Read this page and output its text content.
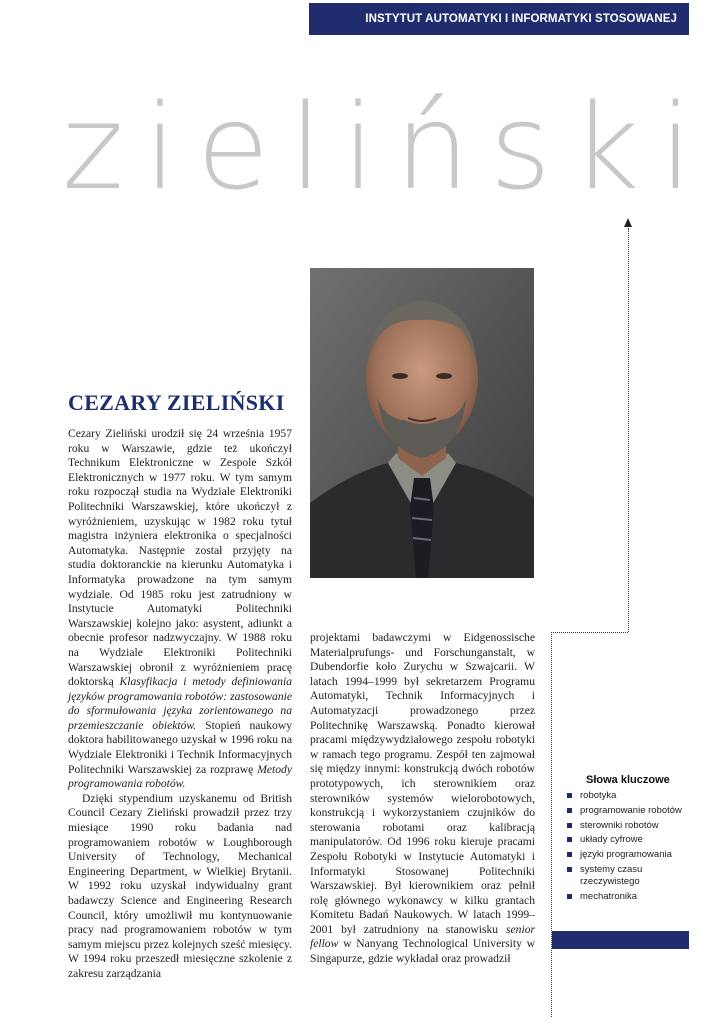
INSTYTUT AUTOMATYKI I INFORMATYKI STOSOWANEJ
zieliński
CEZARY ZIELIŃSKI

Cezary Zieliński urodził się 24 września 1957 roku w Warszawie, gdzie też ukończył Technikum Elektroniczne w Zespole Szkół Elektronicznych w 1977 roku. W tym samym roku rozpoczął studia na Wydziale Elektroniki Politechniki Warszawskiej, które ukończył z wyróżnieniem, uzyskując w 1982 roku tytuł magistra inżyniera elektronika o specjalności Automatyka. Następnie został przyjęty na studia doktoranckie na kierunku Automatyka i Informatyka prowadzone na tym samym wydziale. Od 1985 roku jest zatrudniony w Instytucie Automatyki Politechniki Warszawskiej kolejno jako: asystent, adiunkt a obecnie profesor nadzwyczajny. W 1988 roku na Wydziale Elektroniki Politechniki Warszawskiej obronił z wyróżnieniem pracę doktorską Klasyfikacja i metody definiowania języków programowania robotów: zastosowanie do sformułowania języka zorientowanego na przemieszczanie obiektów. Stopień naukowy doktora habilitowanego uzyskał w 1996 roku na Wydziale Elektroniki i Technik Informacyjnych Politechniki Warszawskiej za rozprawę Metody programowania robotów.

Dzięki stypendium uzyskanemu od British Council Cezary Zieliński prowadził przez trzy miesiące 1990 roku badania nad programowaniem robotów w Loughborough University of Technology, Mechanical Engineering Department, w Wielkiej Brytanii. W 1992 roku uzyskał indywidualny grant badawczy Science and Engineering Research Council, który umożliwił mu kontynuowanie pracy nad programowaniem robotów w tym samym miejscu przez kolejnych sześć miesięcy. W 1994 roku przeszedł miesięczne szkolenie z zakresu zarządzania

projektami badawczymi w Eidgenossische Materialprufungs- und Forschunganstalt, w Dubendorfie koło Zurychu w Szwajcarii. W latach 1994–1999 był sekretarzem Programu Automatyki, Technik Informacyjnych i Automatyzacji prowadzonego przez Politechnikę Warszawską. Ponadto kierował pracami międzywydziałowego zespołu robotyki w ramach tego programu. Zespół ten zajmował się między innymi: konstrukcją dwóch robotów prototypowych, ich sterownikiem oraz sterowników systemów wielorobotowych, konstrukcją i wykorzystaniem czujników do sterowania robotami oraz kalibracją manipulatorów. Od 1996 roku kieruje pracami Zespołu Robotyki w Instytucie Automatyki i Informatyki Stosowanej Politechniki Warszawskiej. Był kierownikiem oraz pełnił rolę głównego wykonawcy w kilku grantach Komitetu Badań Naukowych. W latach 1999–2001 był zatrudniony na stanowisku senior fellow w Nanyang Technological University w Singapurze, gdzie wykładał oraz prowadził

Słowa kluczowe
robotyka
programowanie robotów
sterowniki robotów
układy cyfrowe
języki programowania
systemy czasu rzeczywistego
mechatronika
